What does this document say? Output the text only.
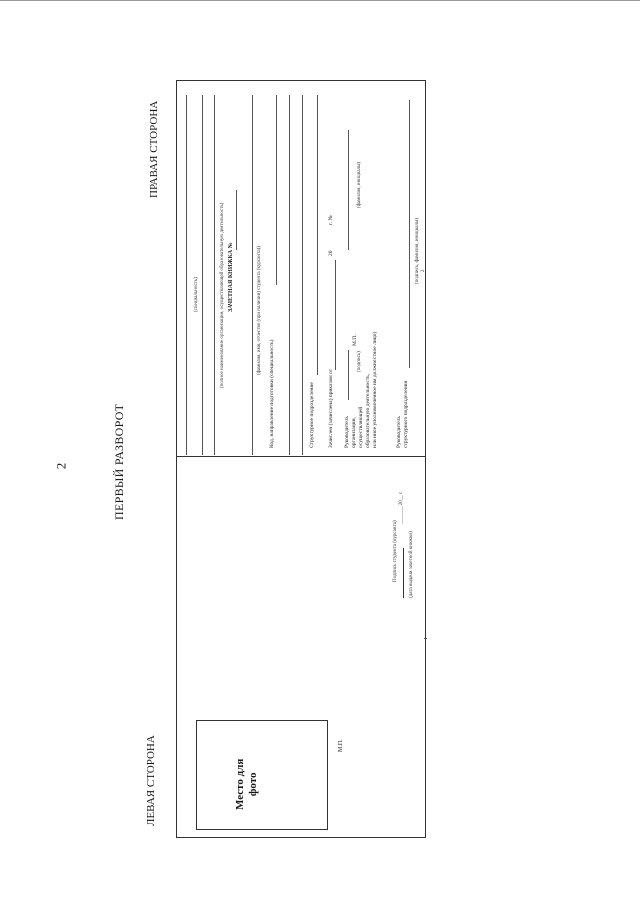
2	ПЕРВЫЙ РАЗВОРОТ
ЛЕВАЯ СТОРОНА
ПРАВАЯ СТОРОНА
Место для фото
М.П.
Подпись студента (курсанта)
_______ 20__ г.
(дата выдачи зачетной книжки)
(специальность)	(полное наименование организации, осуществляющей образовательную деятельность) ЗАЧЕТНАЯ КНИЖКА №	(фамилия, имя, отчество (при наличии) студента (курсанта))
Код, направление подготовки (специальность)	Структурное подразделение Зачислен (зачислена) приказом от
20
г. №
Руководитель организации, осуществляющей образовательную деятельность, или иное уполномоченное им должностное лицо)
(подпись)
М.П.
(фамилия, инициалы)
Руководитель структурного подразделения
(подпись, фамилия, инициалы) 2
